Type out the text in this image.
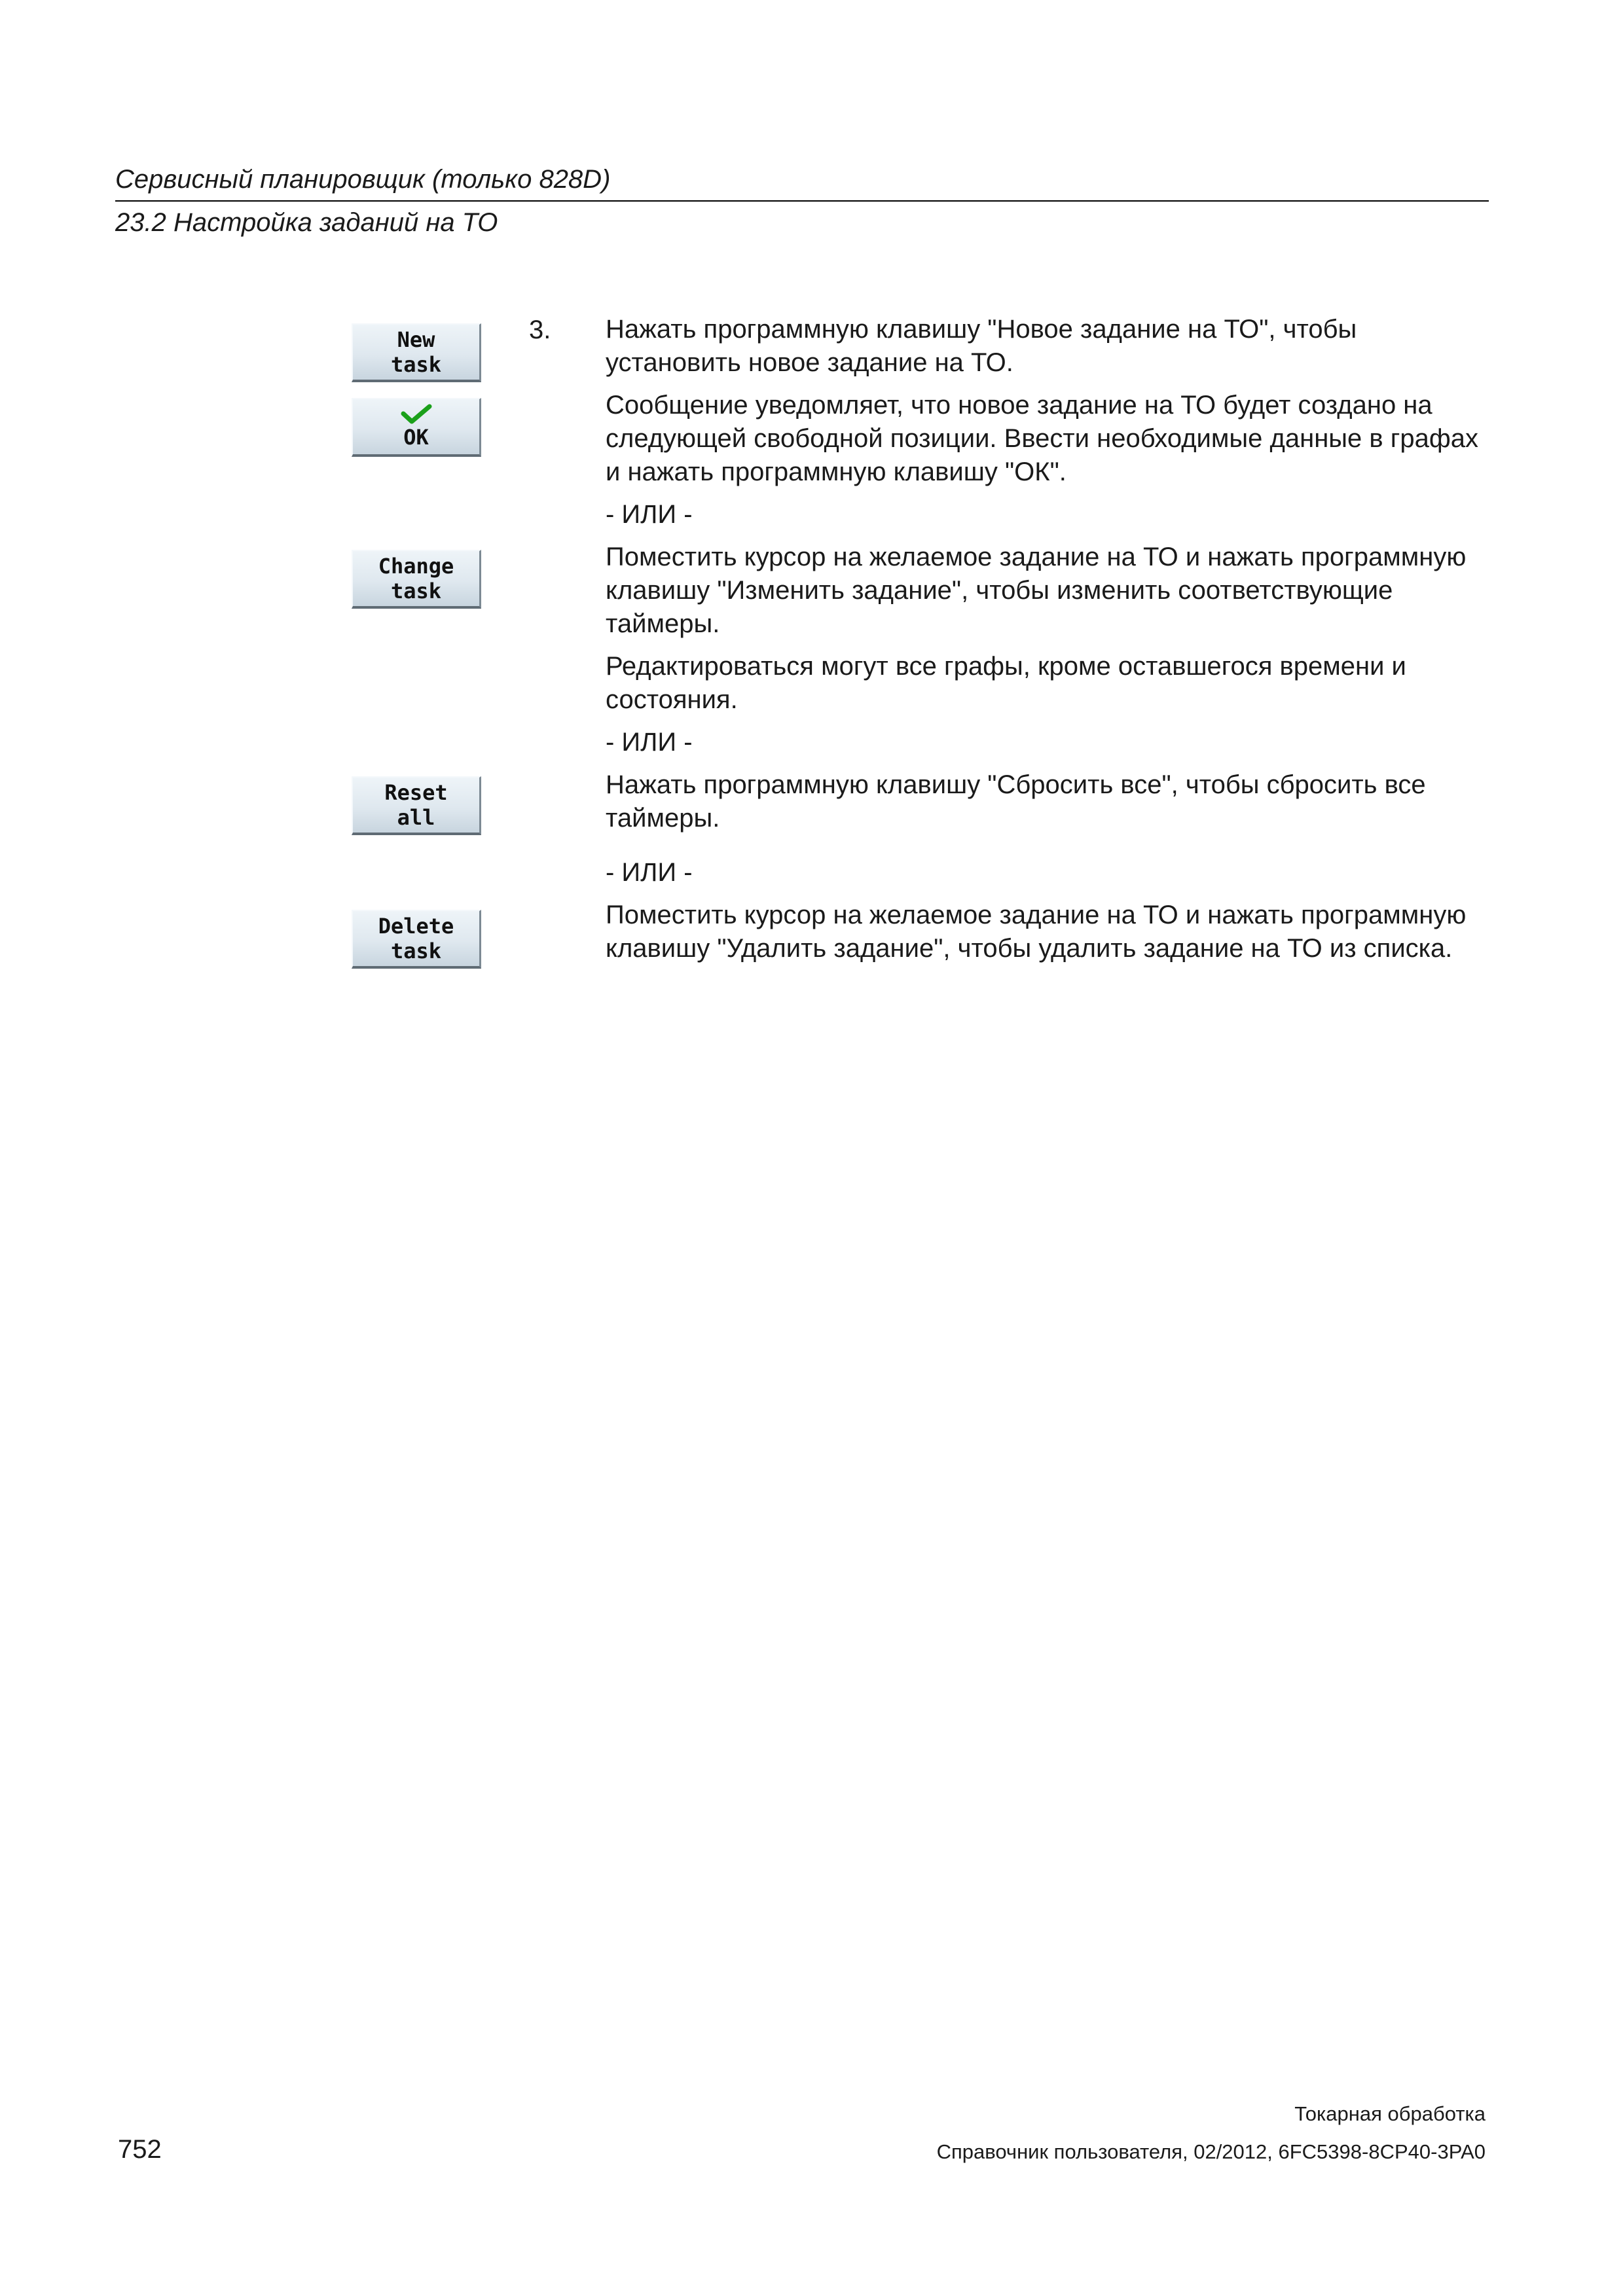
Сервисный планировщик (только 828D)
23.2 Настройка заданий на ТО
New
task
OK
Change
task
Reset
all
Delete
task
3. Нажать программную клавишу "Новое задание на ТО", чтобы установить новое задание на ТО.

Сообщение уведомляет, что новое задание на ТО будет создано на следующей свободной позиции. Ввести необходимые данные в графах и нажать программную клавишу "ОК".

- ИЛИ -

Поместить курсор на желаемое задание на ТО и нажать программную клавишу "Изменить задание", чтобы изменить соответствующие таймеры.

Редактироваться могут все графы, кроме оставшегося времени и состояния.

- ИЛИ -

Нажать программную клавишу "Сбросить все", чтобы сбросить все таймеры.

- ИЛИ -

Поместить курсор на желаемое задание на ТО и нажать программную клавишу "Удалить задание", чтобы удалить задание на ТО из списка.

Токарная обработка
752	Справочник пользователя, 02/2012, 6FC5398-8CP40-3PA0
